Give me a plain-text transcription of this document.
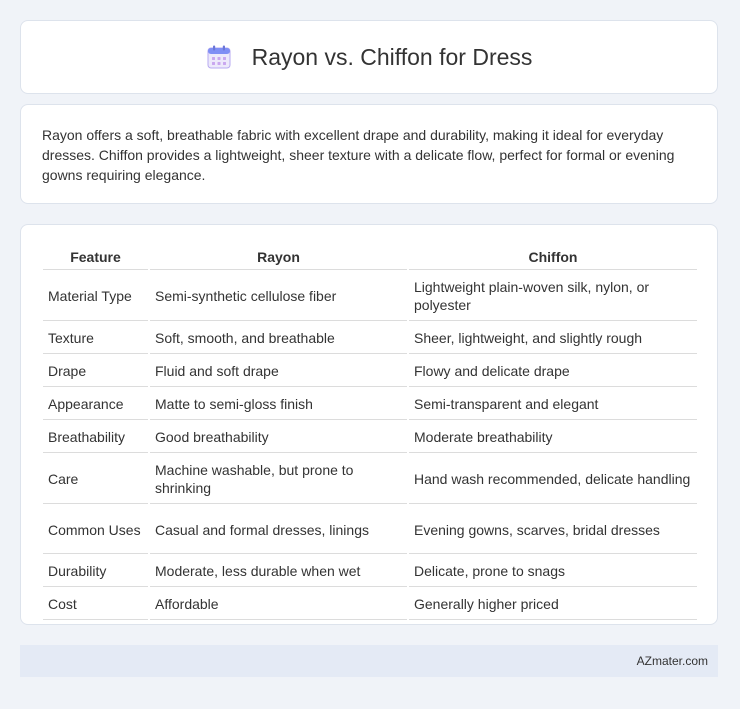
Rayon vs. Chiffon for Dress

Rayon offers a soft, breathable fabric with excellent drape and durability, making it ideal for everyday dresses. Chiffon provides a lightweight, sheer texture with a delicate flow, perfect for formal or evening gowns requiring elegance.

Feature	Rayon	Chiffon
Material Type	Semi-synthetic cellulose fiber	Lightweight plain-woven silk, nylon, or polyester
Texture	Soft, smooth, and breathable	Sheer, lightweight, and slightly rough
Drape	Fluid and soft drape	Flowy and delicate drape
Appearance	Matte to semi-gloss finish	Semi-transparent and elegant
Breathability	Good breathability	Moderate breathability
Care	Machine washable, but prone to shrinking	Hand wash recommended, delicate handling
Common Uses	Casual and formal dresses, linings	Evening gowns, scarves, bridal dresses
Durability	Moderate, less durable when wet	Delicate, prone to snags
Cost	Affordable	Generally higher priced
AZmater.com
